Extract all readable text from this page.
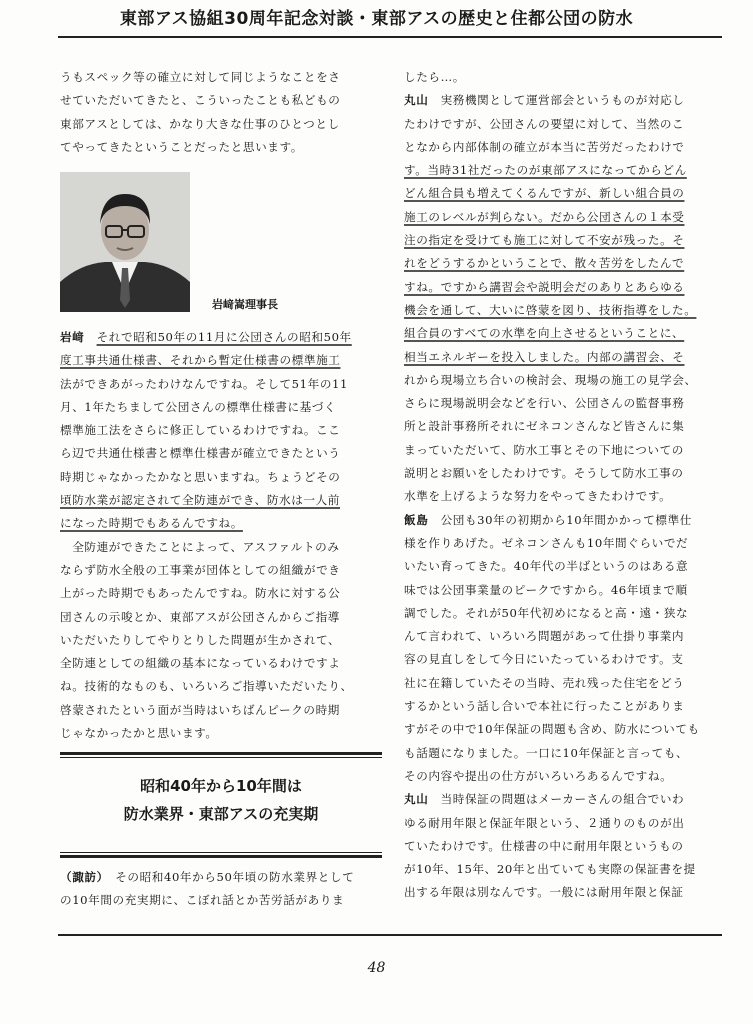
東部アス協組30周年記念対談・東部アスの歴史と住都公団の防水
うもスペック等の確立に対して同じようなことをさ
せていただいてきたと、こういったことも私どもの
東部アスとしては、かなり大きな仕事のひとつとし
てやってきたということだったと思います。
岩﨑嵩理事長
岩﨑　 それで昭和50年の11月に公団さんの昭和50年
度工事共通仕様書、それから暫定仕様書の標準施工
法ができあがったわけなんですね。そして51年の11
月、1年たちまして公団さんの標準仕様書に基づく
標準施工法をさらに修正しているわけですね。ここ
ら辺で共通仕様書と標準仕様書が確立できたという
時期じゃなかったかなと思いますね。ちょうどその
頃防水業が認定されて全防連ができ、防水は一人前
になった時期でもあるんですね。
　全防連ができたことによって、アスファルトのみ
ならず防水全般の工事業が団体としての組織ができ
上がった時期でもあったんですね。防水に対する公
団さんの示唆とか、東部アスが公団さんからご指導
いただいたりしてやりとりした問題が生かされて、
全防連としての組織の基本になっているわけですよ
ね。技術的なものも、いろいろご指導いただいたり、
啓蒙されたという面が当時はいちばんピークの時期
じゃなかったかと思います。
昭和40年から10年間は
防水業界・東部アスの充実期
（諏訪）　 その昭和40年から50年頃の防水業界として
の10年間の充実期に、こぼれ話とか苦労話がありま
したら…。
丸山　 実務機関として運営部会というものが対応し
たわけですが、公団さんの要望に対して、当然のこ
となから内部体制の確立が本当に苦労だったわけで
す。当時31社だったのが東部アスになってからどん
どん組合員も増えてくるんですが、新しい組合員の
施工のレベルが判らない。だから公団さんの１本受
注の指定を受けても施工に対して不安が残った。そ
れをどうするかということで、散々苦労をしたんで
すね。ですから講習会や説明会だのありとあらゆる
機会を通して、大いに啓蒙を図り、技術指導をした。
組合員のすべての水準を向上させるということに、
相当エネルギーを投入しました。内部の講習会、そ
れから現場立ち合いの検討会、現場の施工の見学会、
さらに現場説明会などを行い、公団さんの監督事務
所と設計事務所それにゼネコンさんなど皆さんに集
まっていただいて、防水工事とその下地についての
説明とお願いをしたわけです。そうして防水工事の
水準を上げるような努力をやってきたわけです。
飯島　 公団も30年の初期から10年間かかって標準仕
様を作りあげた。ゼネコンさんも10年間ぐらいでだ
いたい育ってきた。40年代の半ばというのはある意
味では公団事業量のピークですから。46年頃まで順
調でした。それが50年代初めになると高・遠・狭な
んて言われて、いろいろ問題があって仕掛り事業内
容の見直しをして今日にいたっているわけです。支
社に在籍していたその当時、売れ残った住宅をどう
するかという話し合いで本社に行ったことがありま
すがその中で10年保証の問題も含め、防水についても
も話題になりました。一口に10年保証と言っても、
その内容や提出の仕方がいろいろあるんですね。
丸山　 当時保証の問題はメーカーさんの組合でいわ
ゆる耐用年限と保証年限という、２通りのものが出
ていたわけです。仕様書の中に耐用年限というもの
が10年、15年、20年と出ていても実際の保証書を提
出する年限は別なんです。一般には耐用年限と保証
48
